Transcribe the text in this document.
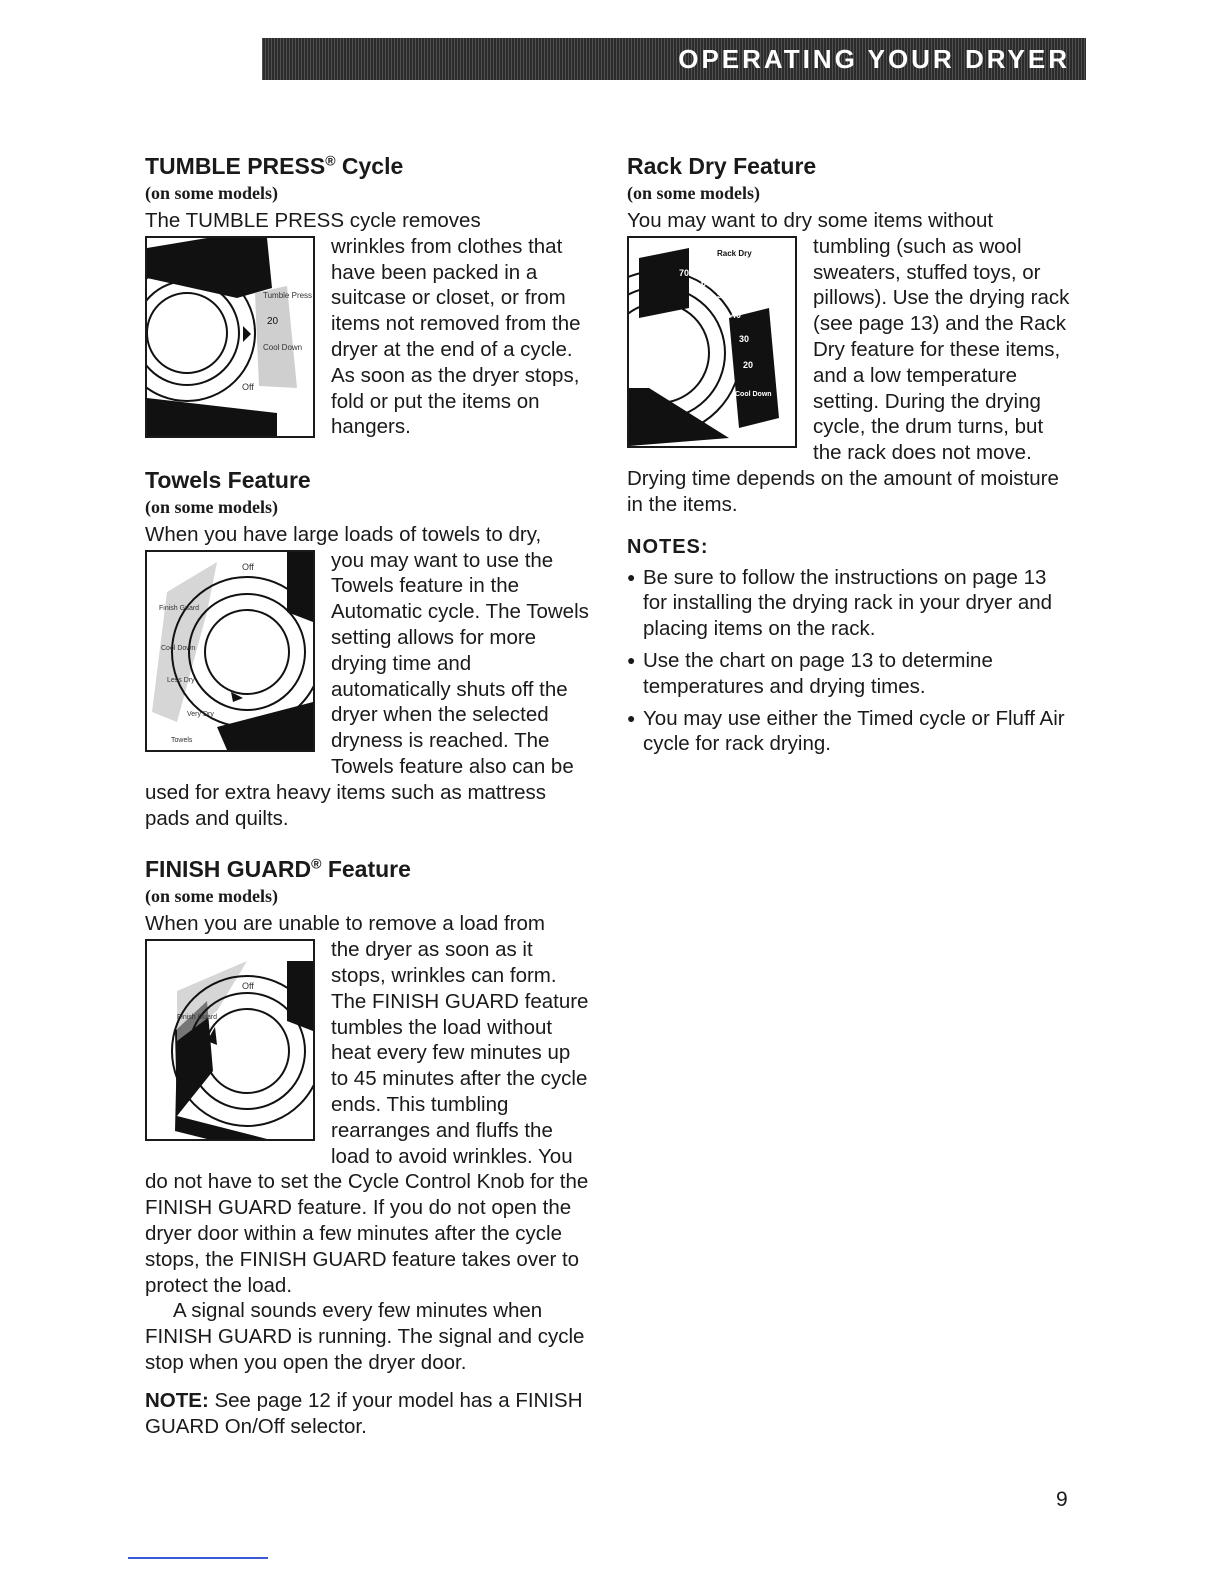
OPERATING YOUR DRYER
TUMBLE PRESS® Cycle
(on some models)

The TUMBLE PRESS cycle removes

Tumble Press
20
Cool Down
Off

wrinkles from clothes that have been packed in a suitcase or closet, or from items not removed from the dryer at the end of a cycle. As soon as the dryer stops, fold or put the items on hangers.

Towels Feature
(on some models)

When you have large loads of towels to dry,

Off
Finish Guard
Cool Down
Less Dry
Very Dry
Towels

you may want to use the Towels feature in the Automatic cycle. The Towels setting allows for more drying time and automatically shuts off the dryer when the selected dryness is reached. The Towels feature also can be used for extra heavy items such as mattress pads and quilts.

FINISH GUARD® Feature
(on some models)

When you are unable to remove a load from

Off
Finish Guard

the dryer as soon as it stops, wrinkles can form. The FINISH GUARD feature tumbles the load without heat every few minutes up to 45 minutes after the cycle ends. This tumbling rearranges and fluffs the load to avoid wrinkles. You do not have to set the Cycle Control Knob for the FINISH GUARD feature. If you do not open the dryer door within a few minutes after the cycle stops, the FINISH GUARD feature takes over to protect the load.

A signal sounds every few minutes when FINISH GUARD is running. The signal and cycle stop when you open the dryer door.

NOTE: See page 12 if your model has a FINISH GUARD On/Off selector.

Rack Dry Feature
(on some models)

You may want to dry some items without

Rack Dry
70
60
50
40
30
20
Cool Down
Off

tumbling (such as wool sweaters, stuffed toys, or pillows). Use the drying rack (see page 13) and the Rack Dry feature for these items, and a low temperature setting. During the drying cycle, the drum turns, but the rack does not move. Drying time depends on the amount of moisture in the items.

NOTES:
● Be sure to follow the instructions on page 13 for installing the drying rack in your dryer and placing items on the rack.
● Use the chart on page 13 to determine temperatures and drying times.
● You may use either the Timed cycle or Fluff Air cycle for rack drying.
9
